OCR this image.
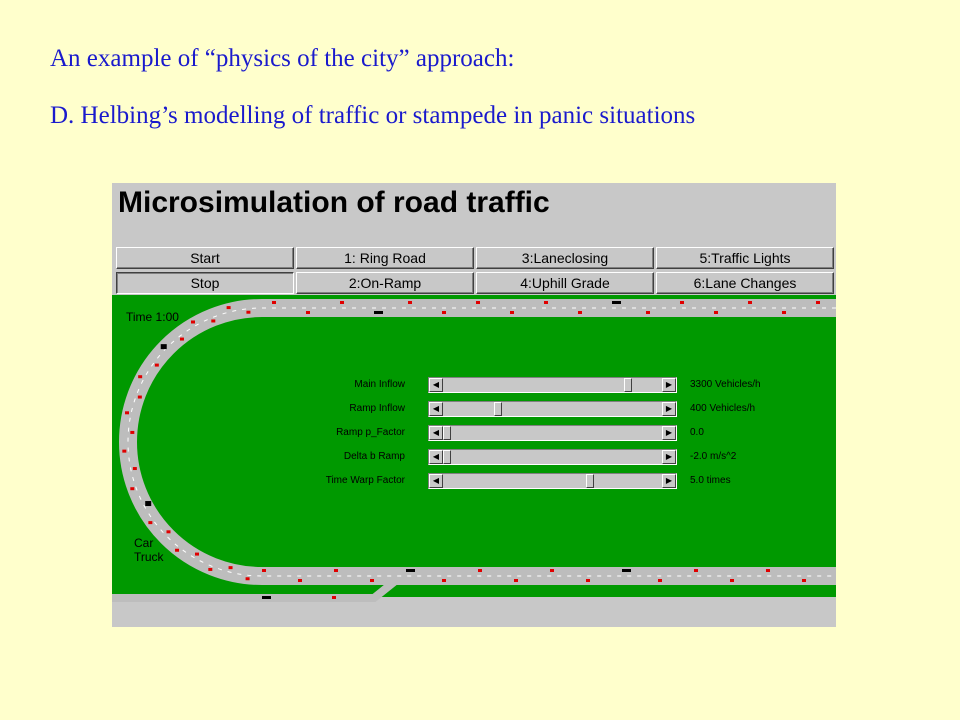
An example of “physics of the city” approach:

D. Helbing’s modelling of traffic or stampede in panic situations

Microsimulation of road traffic
Start	1: Ring Road	3:Laneclosing	5:Traffic Lights
Stop	2:On-Ramp	4:Uphill Grade	6:Lane Changes
Time 1:00
Car
Truck
Main Inflow	◀	▶	3300 Vehicles/h
Ramp Inflow	◀	▶	400 Vehicles/h
Ramp p_Factor	◀	▶	0.0
Delta b Ramp	◀	▶	-2.0 m/s^2
Time Warp Factor	◀	▶	5.0 times
